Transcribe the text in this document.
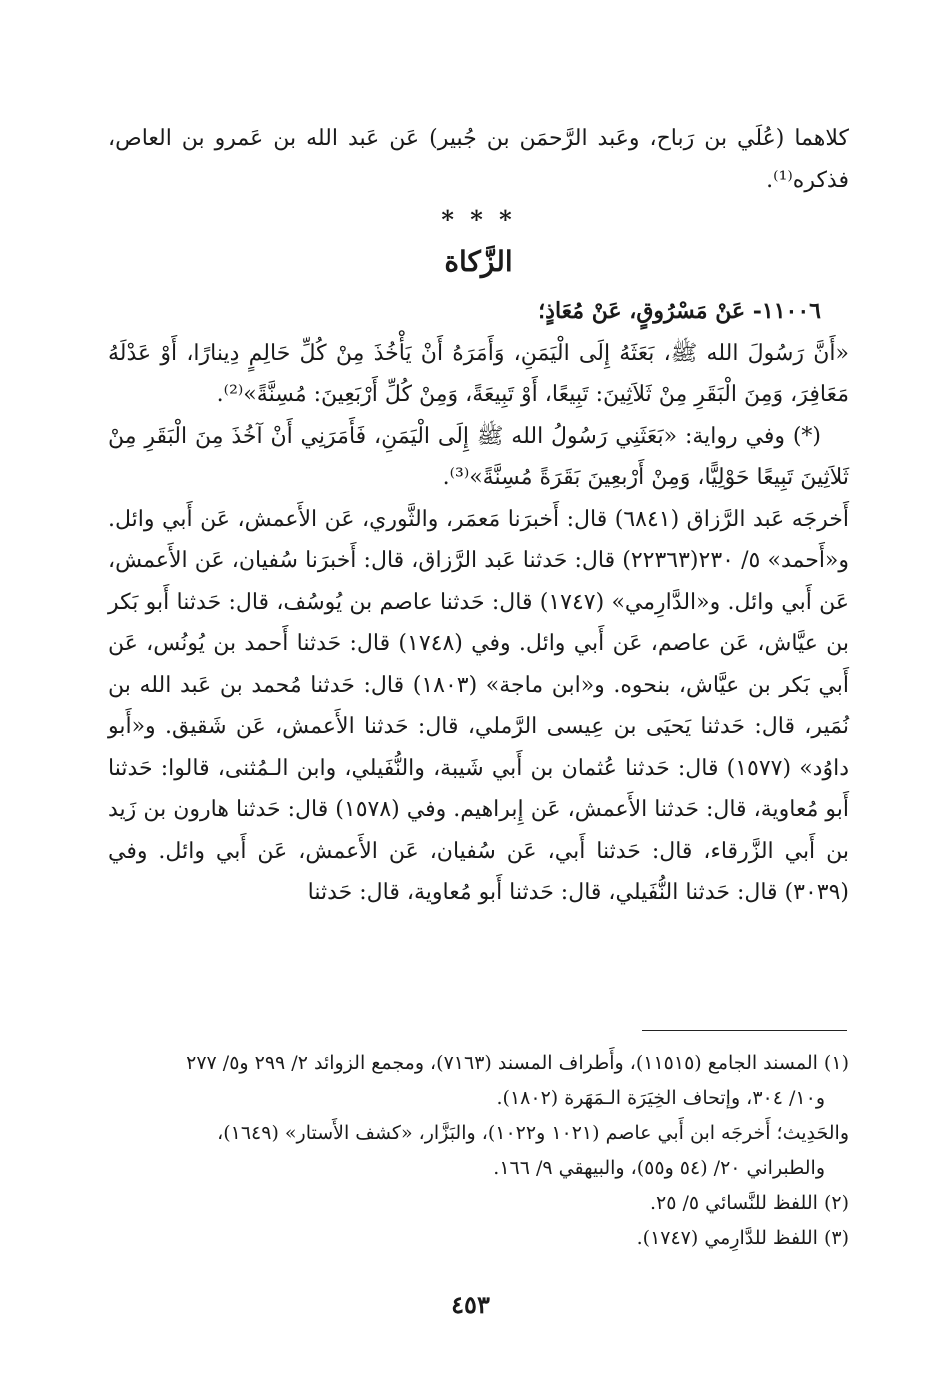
كلاهما (عُلَي بن رَباح، وعَبد الرَّحمَن بن جُبير) عَن عَبد الله بن عَمرو بن العاص، فذكره⁽¹⁾.

* * *
الزَّكاة

١١٠٠٦- عَنْ مَسْرُوقٍ، عَنْ مُعَاذٍ؛

«أَنَّ رَسُولَ الله ﷺ، بَعَثَهُ إِلَى الْيَمَنِ، وَأَمَرَهُ أَنْ يَأْخُذَ مِنْ كُلِّ حَالِمٍ دِينارًا، أَوْ عَدْلَهُ مَعَافِرَ، وَمِنَ الْبَقَرِ مِنْ ثَلاَثِينَ: تَبِيعًا، أَوْ تَبِيعَةً، وَمِنْ كُلِّ أَرْبَعِينَ: مُسِنَّةً»⁽²⁾.

(*) وفي رواية: «بَعَثَنِي رَسُولُ الله ﷺ إِلَى الْيَمَنِ، فَأَمَرَنِي أَنْ آخُذَ مِنَ الْبَقَرِ مِنْ ثَلاَثِينَ تَبِيعًا حَوْلِيًّا، وَمِنْ أَرْبعِينَ بَقَرَةً مُسِنَّةً»⁽³⁾.

أَخرجَه عَبد الرَّزاق (٦٨٤١) قال: أَخبرَنا مَعمَر، والثَّوري، عَن الأَعمش، عَن أَبي وائل. و«أَحمد» ٥/ ٢٣٠(٢٢٣٦٣) قال: حَدثنا عَبد الرَّزاق، قال: أَخبرَنا سُفيان، عَن الأَعمش، عَن أَبي وائل. و«الدَّارِمي» (١٧٤٧) قال: حَدثنا عاصم بن يُوسُف، قال: حَدثنا أَبو بَكر بن عيَّاش، عَن عاصم، عَن أَبي وائل. وفي (١٧٤٨) قال: حَدثنا أَحمد بن يُونُس، عَن أَبي بَكر بن عيَّاش، بنحوه. و«ابن ماجة» (١٨٠٣) قال: حَدثنا مُحمد بن عَبد الله بن نُمَير، قال: حَدثنا يَحيَى بن عِيسى الرَّملي، قال: حَدثنا الأَعمش، عَن شَقيق. و«أَبو داوُد» (١٥٧٧) قال: حَدثنا عُثمان بن أَبي شَيبة، والنُّفَيلي، وابن الـمُثنى، قالوا: حَدثنا أَبو مُعاوية، قال: حَدثنا الأَعمش، عَن إِبراهيم. وفي (١٥٧٨) قال: حَدثنا هارون بن زَيد بن أَبي الزَّرقاء، قال: حَدثنا أَبي، عَن سُفيان، عَن الأَعمش، عَن أَبي وائل. وفي (٣٠٣٩) قال: حَدثنا النُّفَيلي، قال: حَدثنا أَبو مُعاوية، قال: حَدثنا

(١) المسند الجامع (١١٥١٥)، وأَطراف المسند (٧١٦٣)، ومجمع الزوائد ٢/ ٢٩٩ و٥/ ٢٧٧

و١٠/ ٣٠٤، وإتحاف الخِيَرَة الـمَهَرة (١٨٠٢).

والحَدِيث؛ أَخرجَه ابن أَبي عاصم (١٠٢١ و١٠٢٢)، والبَزَّار، «كشف الأَستار» (١٦٤٩)،

والطبراني ٢٠/ (٥٤ و٥٥)، والبيهقي ٩/ ١٦٦.

(٢) اللفظ للنَّسائي ٥/ ٢٥.

(٣) اللفظ للدَّارِمي (١٧٤٧).

٤٥٣
